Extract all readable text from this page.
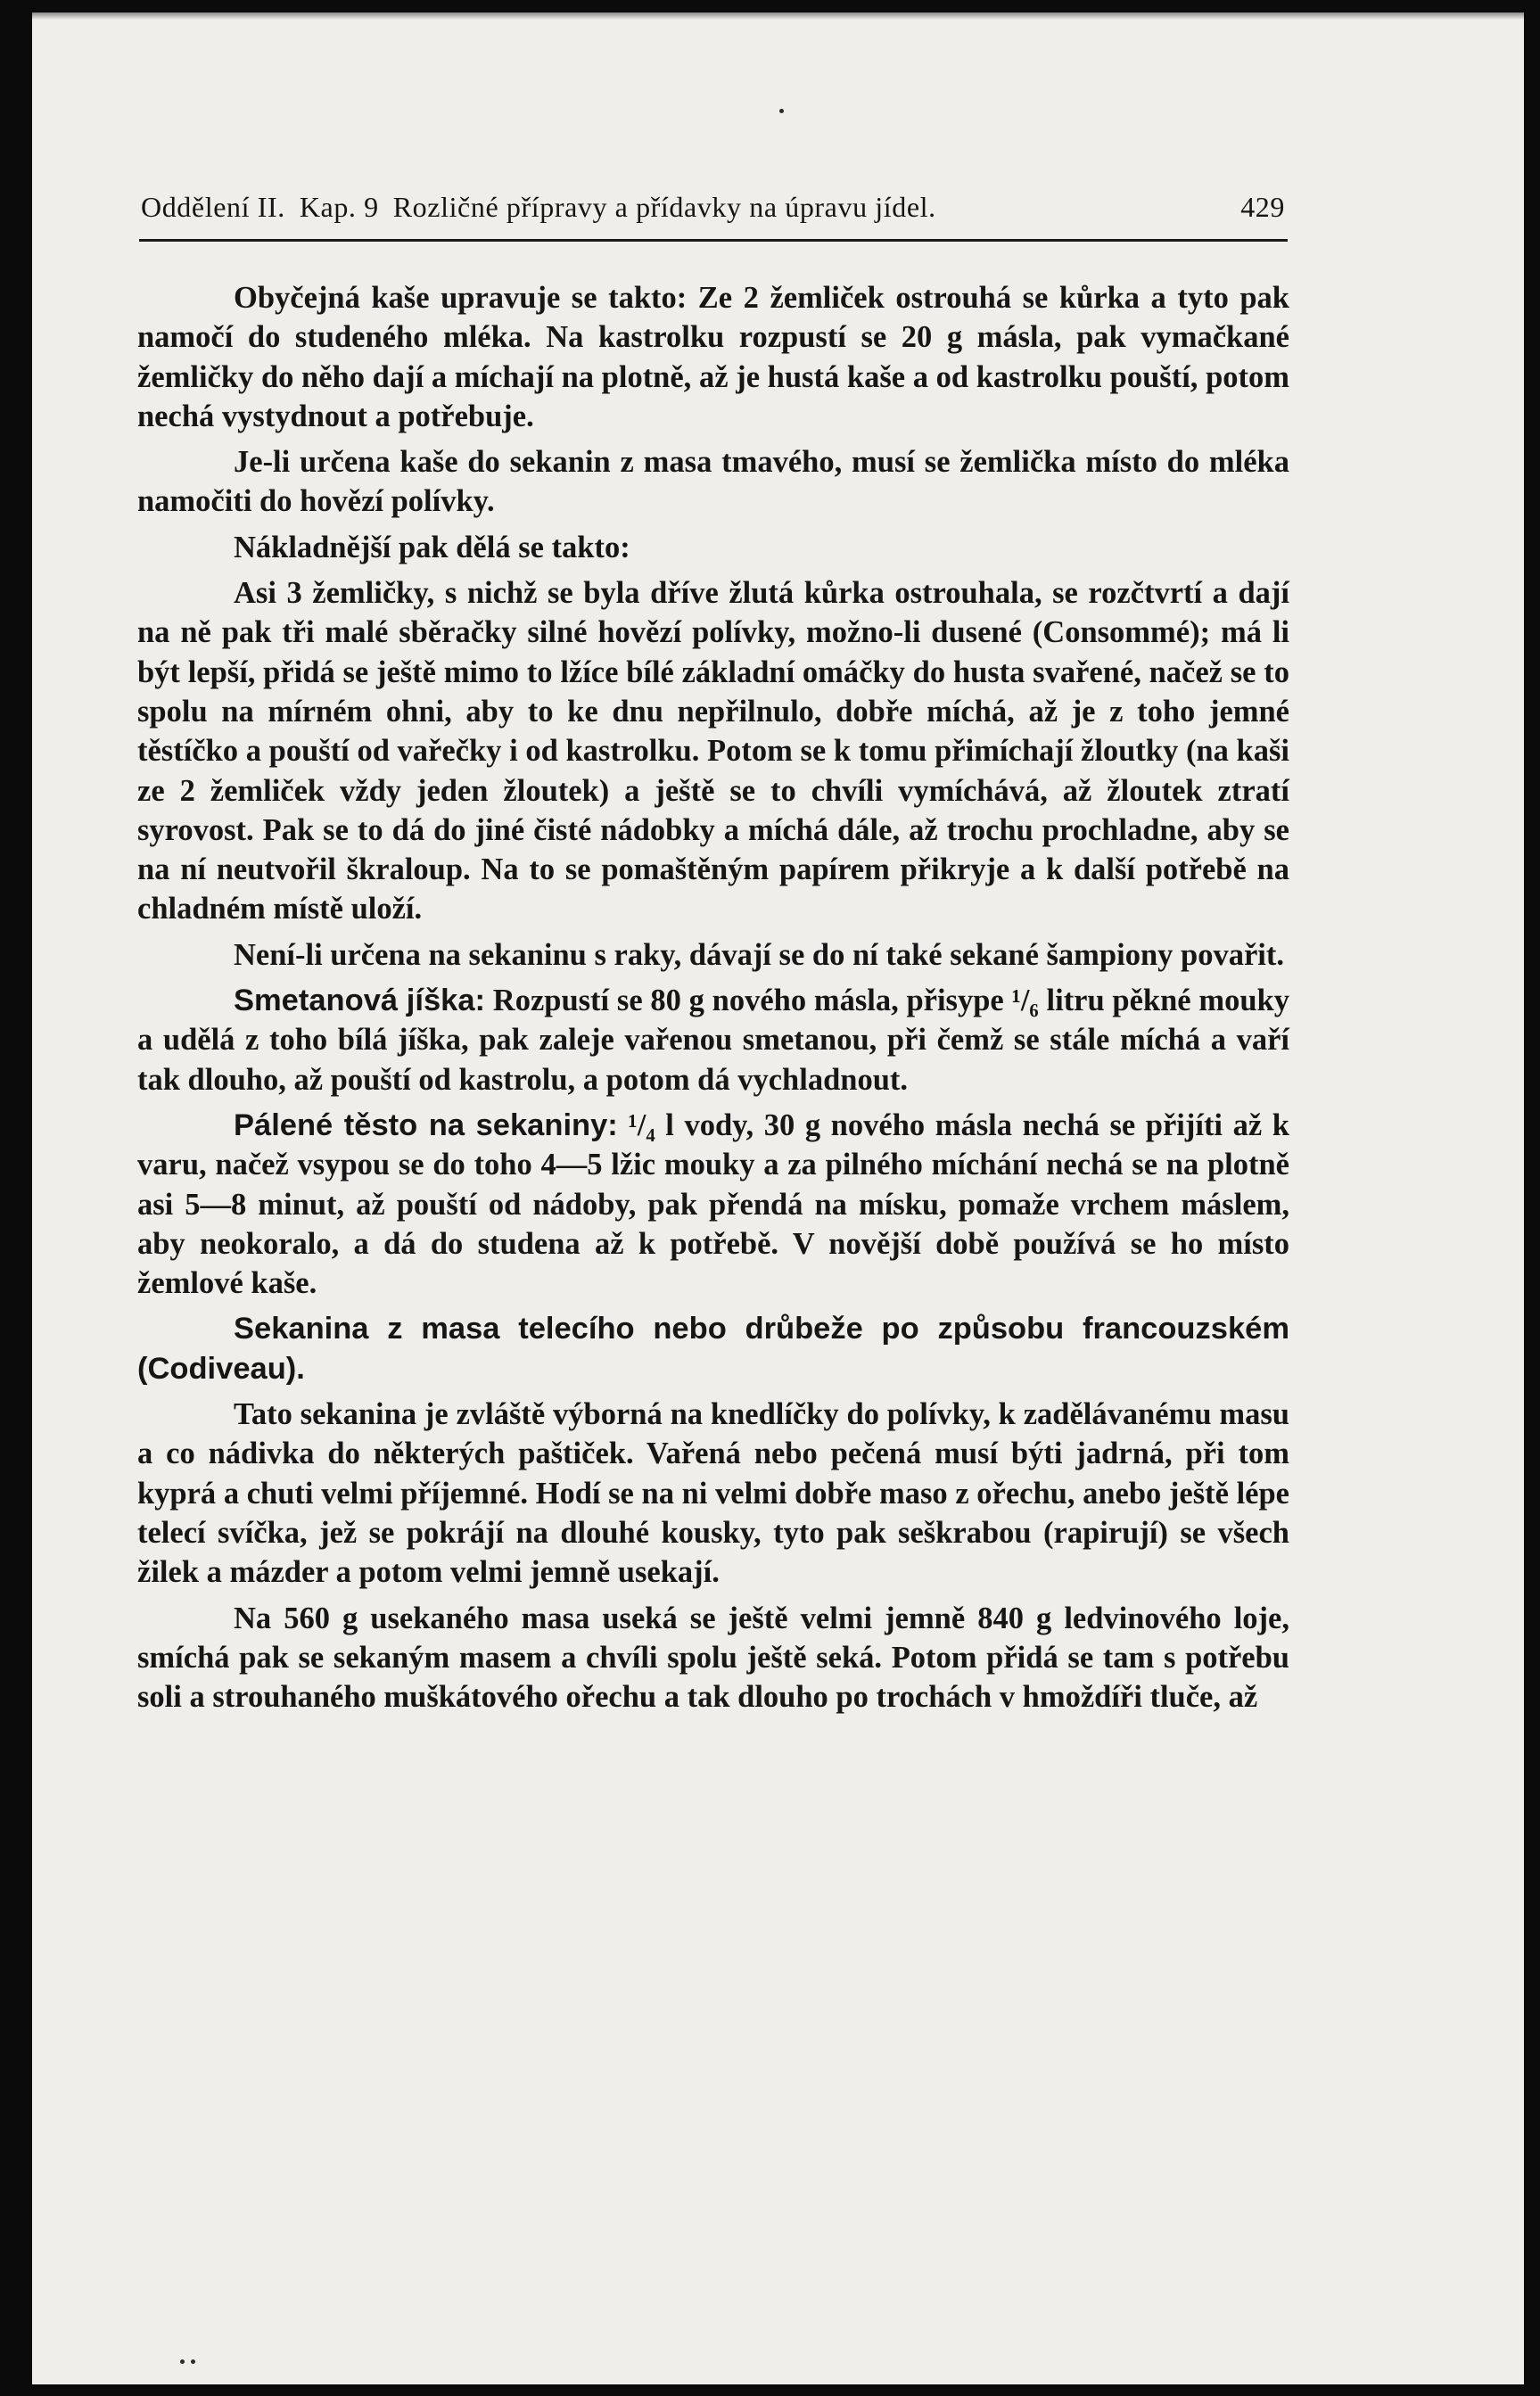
Oddělení II. Kap. 9 Rozličné přípravy a přídavky na úpravu jídel.	429

Obyčejná kaše upravuje se takto: Ze 2 žemliček ostrouhá se kůrka a tyto pak namočí do studeného mléka. Na kastrolku rozpustí se 20 g másla, pak vymačkané žemličky do něho dají a míchají na plotně, až je hustá kaše a od kastrolku pouští, potom nechá vystydnout a potřebuje.

Je-li určena kaše do sekanin z masa tmavého, musí se žemlička místo do mléka namočiti do hovězí polívky.

Nákladnější pak dělá se takto:

Asi 3 žemličky, s nichž se byla dříve žlutá kůrka ostrouhala, se rozčtvrtí a dají na ně pak tři malé sběračky silné hovězí polívky, možno-li dusené (Consommé); má li být lepší, přidá se ještě mimo to lžíce bílé základní omáčky do husta svařené, načež se to spolu na mírném ohni, aby to ke dnu nepřilnulo, dobře míchá, až je z toho jemné těstíčko a pouští od vařečky i od kastrolku. Potom se k tomu přimíchají žloutky (na kaši ze 2 žemliček vždy jeden žloutek) a ještě se to chvíli vymíchává, až žloutek ztratí syrovost. Pak se to dá do jiné čisté nádobky a míchá dále, až trochu prochladne, aby se na ní neutvořil škraloup. Na to se pomaštěným papírem přikryje a k další potřebě na chladném místě uloží.

Není-li určena na sekaninu s raky, dávají se do ní také sekané šampiony povařit.

Smetanová jíška: Rozpustí se 80 g nového másla, přisype ¹/₆ litru pěkné mouky a udělá z toho bílá jíška, pak zaleje vařenou smetanou, při čemž se stále míchá a vaří tak dlouho, až pouští od kastrolu, a potom dá vychladnout.

Pálené těsto na sekaniny: ¹/₄ l vody, 30 g nového másla nechá se přijíti až k varu, načež vsypou se do toho 4—5 lžic mouky a za pilného míchání nechá se na plotně asi 5—8 minut, až pouští od nádoby, pak přendá na mísku, pomaže vrchem máslem, aby neokoralo, a dá do studena až k potřebě. V novější době používá se ho místo žemlové kaše.

Sekanina z masa telecího nebo drůbeže po způsobu francouzském (Codiveau).

Tato sekanina je zvláště výborná na knedlíčky do polívky, k zadělávanému masu a co nádivka do některých paštiček. Vařená nebo pečená musí býti jadrná, při tom kyprá a chuti velmi příjemné. Hodí se na ni velmi dobře maso z ořechu, anebo ještě lépe telecí svíčka, jež se pokrájí na dlouhé kousky, tyto pak seškrabou (rapirují) se všech žilek a mázder a potom velmi jemně usekají.

Na 560 g usekaného masa useká se ještě velmi jemně 840 g ledvinového loje, smíchá pak se sekaným masem a chvíli spolu ještě seká. Potom přidá se tam s potřebu soli a strouhaného muškátového ořechu a tak dlouho po trochách v hmoždíři tluče, až
